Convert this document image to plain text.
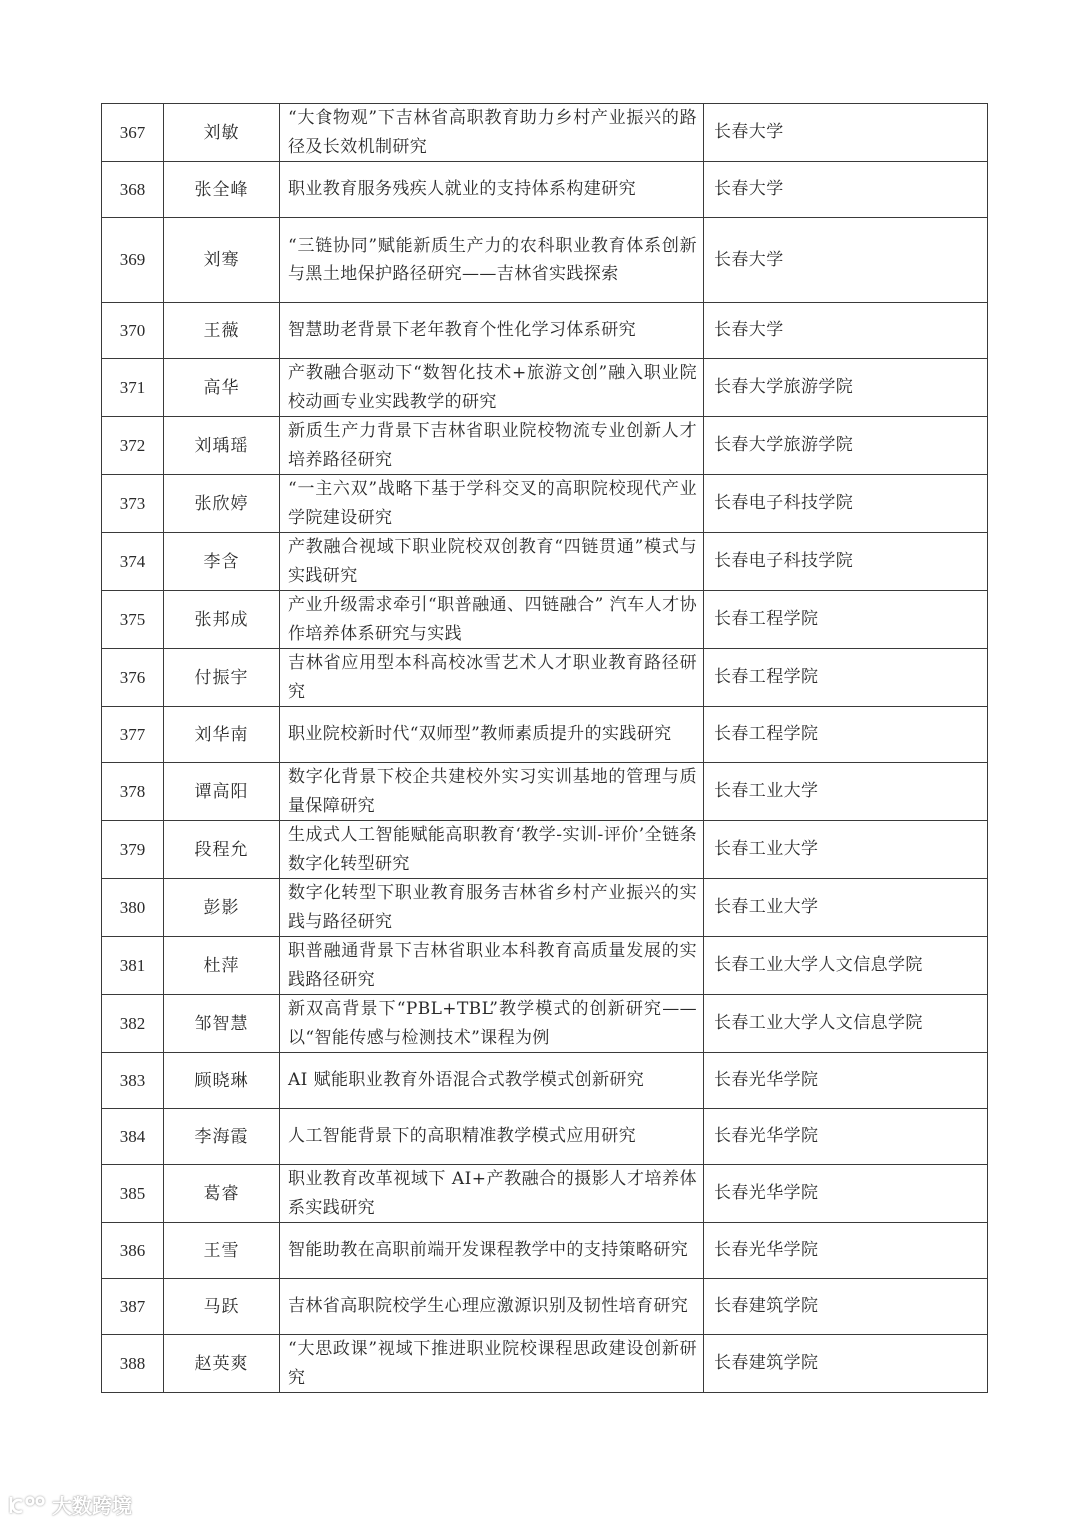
367	刘敏	“大食物观”下吉林省高职教育助力乡村产业振兴的路径及长效机制研究	长春大学

368	张全峰	职业教育服务残疾人就业的支持体系构建研究	长春大学

369	刘骞	“三链协同”赋能新质生产力的农科职业教育体系创新与黑土地保护路径研究——吉林省实践探索	长春大学

370	王薇	智慧助老背景下老年教育个性化学习体系研究	长春大学

371	高华	产教融合驱动下“数智化技术+旅游文创”融入职业院校动画专业实践教学的研究	长春大学旅游学院

372	刘瑀瑶	新质生产力背景下吉林省职业院校物流专业创新人才培养路径研究	长春大学旅游学院

373	张欣婷	“一主六双”战略下基于学科交叉的高职院校现代产业学院建设研究	长春电子科技学院

374	李含	产教融合视域下职业院校双创教育“四链贯通”模式与实践研究	长春电子科技学院

375	张邦成	产业升级需求牵引“职普融通、四链融合” 汽车人才协作培养体系研究与实践	长春工程学院

376	付振宇	吉林省应用型本科高校冰雪艺术人才职业教育路径研究	长春工程学院

377	刘华南	职业院校新时代“双师型”教师素质提升的实践研究	长春工程学院

378	谭高阳	数字化背景下校企共建校外实习实训基地的管理与质量保障研究	长春工业大学

379	段程允	生成式人工智能赋能高职教育‘教学-实训-评价’全链条数字化转型研究	长春工业大学

380	彭影	数字化转型下职业教育服务吉林省乡村产业振兴的实践与路径研究	长春工业大学

381	杜萍	职普融通背景下吉林省职业本科教育高质量发展的实践路径研究	长春工业大学人文信息学院

382	邹智慧	新双高背景下“PBL+TBL”教学模式的创新研究——以“智能传感与检测技术”课程为例	长春工业大学人文信息学院

383	顾晓琳	AI 赋能职业教育外语混合式教学模式创新研究	长春光华学院

384	李海霞	人工智能背景下的高职精准教学模式应用研究	长春光华学院

385	葛睿	职业教育改革视域下 AI+产教融合的摄影人才培养体系实践研究	长春光华学院

386	王雪	智能助教在高职前端开发课程教学中的支持策略研究	长春光华学院

387	马跃	吉林省高职院校学生心理应激源识别及韧性培育研究	长春建筑学院

388	赵英爽	“大思政课”视域下推进职业院校课程思政建设创新研究	长春建筑学院
大数跨境
